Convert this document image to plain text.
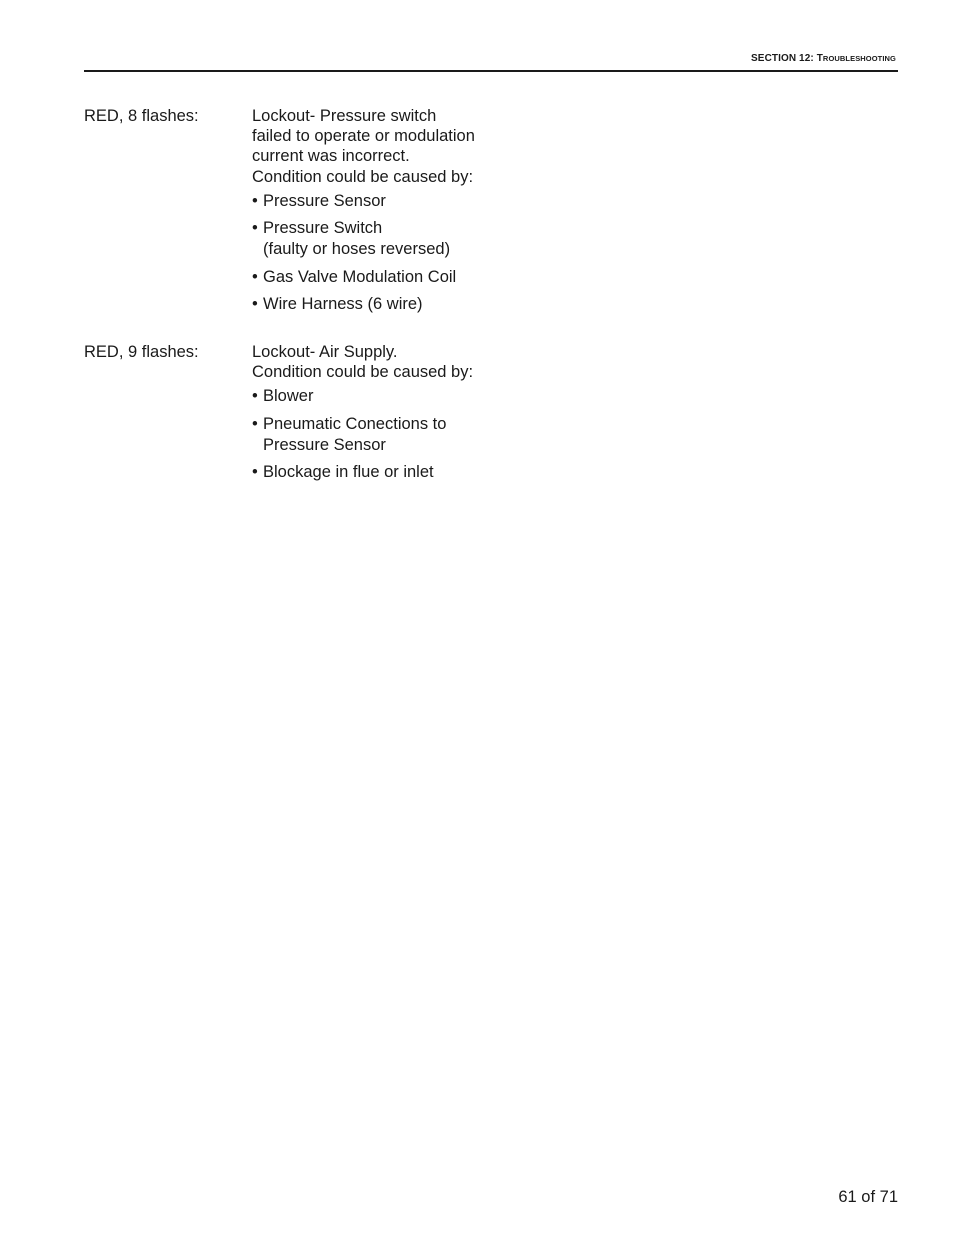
SECTION 12: TROUBLESHOOTING
RED, 8 flashes:	Lockout- Pressure switch

failed to operate or modulation

current was incorrect.

Condition could be caused by:

• Pressure Sensor
• Pressure Switch
(faulty or hoses reversed)
• Gas Valve Modulation Coil
• Wire Harness (6 wire)
RED, 9 flashes:	Lockout- Air Supply.

Condition could be caused by:

• Blower
• Pneumatic Conections to
Pressure Sensor
• Blockage in flue or inlet
61 of 71
